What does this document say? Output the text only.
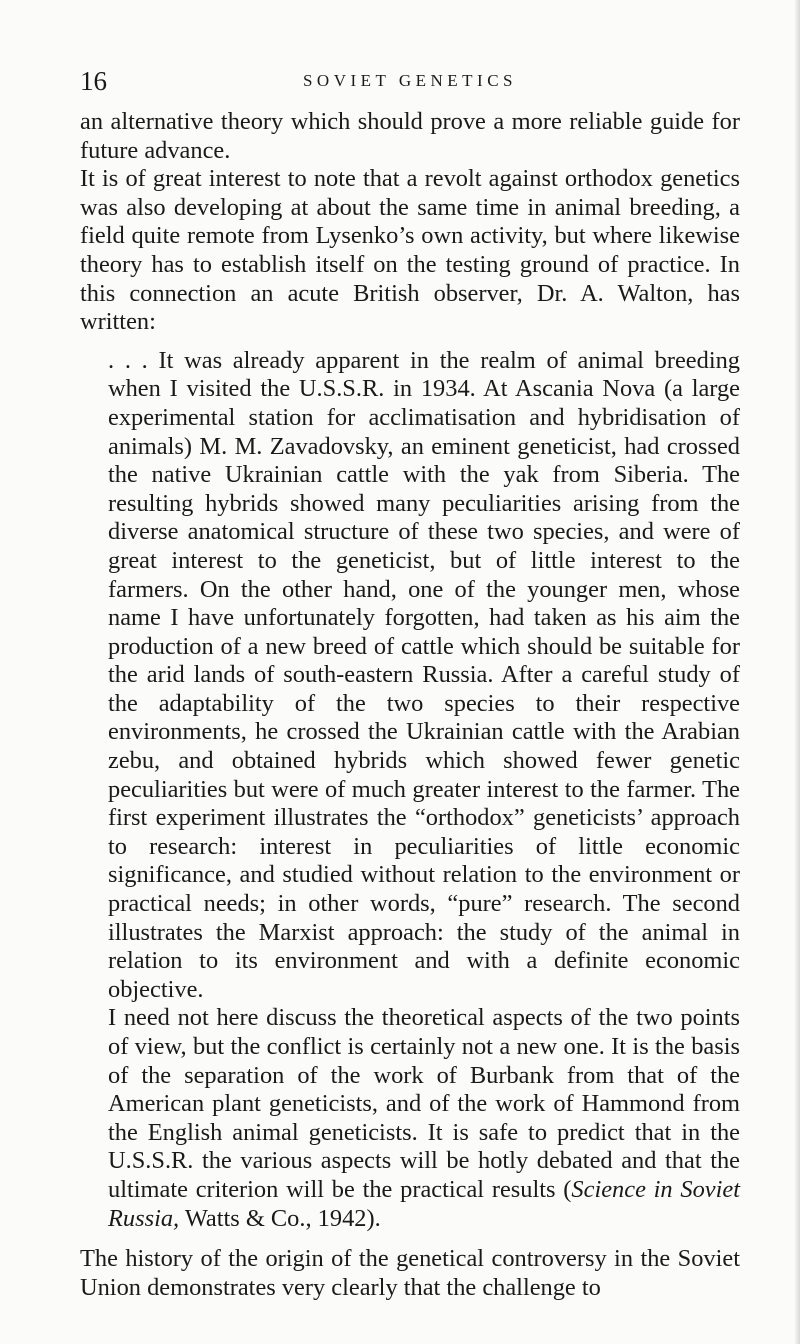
16	SOVIET GENETICS

an alternative theory which should prove a more reliable guide for future advance.

It is of great interest to note that a revolt against orthodox genetics was also developing at about the same time in animal breeding, a field quite remote from Lysenko’s own activity, but where likewise theory has to establish itself on the testing ground of practice. In this connection an acute British observer, Dr. A. Walton, has written:

. . . It was already apparent in the realm of animal breeding when I visited the U.S.S.R. in 1934. At Ascania Nova (a large experimental station for acclimatisation and hybridisation of animals) M. M. Zavadovsky, an eminent geneticist, had crossed the native Ukrainian cattle with the yak from Siberia. The resulting hybrids showed many peculiarities arising from the diverse anatomical structure of these two species, and were of great interest to the geneticist, but of little interest to the farmers. On the other hand, one of the younger men, whose name I have unfortunately forgotten, had taken as his aim the production of a new breed of cattle which should be suitable for the arid lands of south-eastern Russia. After a careful study of the adaptability of the two species to their respective environments, he crossed the Ukrainian cattle with the Arabian zebu, and obtained hybrids which showed fewer genetic peculiarities but were of much greater interest to the farmer. The first experiment illustrates the “orthodox” geneticists’ approach to research: interest in peculiarities of little economic significance, and studied without relation to the environment or practical needs; in other words, “pure” research. The second illustrates the Marxist approach: the study of the animal in relation to its environment and with a definite economic objective.

I need not here discuss the theoretical aspects of the two points of view, but the conflict is certainly not a new one. It is the basis of the separation of the work of Burbank from that of the American plant geneticists, and of the work of Hammond from the English animal geneticists. It is safe to predict that in the U.S.S.R. the various aspects will be hotly debated and that the ultimate criterion will be the practical results (Science in Soviet Russia, Watts & Co., 1942).

The history of the origin of the genetical controversy in the Soviet Union demonstrates very clearly that the challenge to
